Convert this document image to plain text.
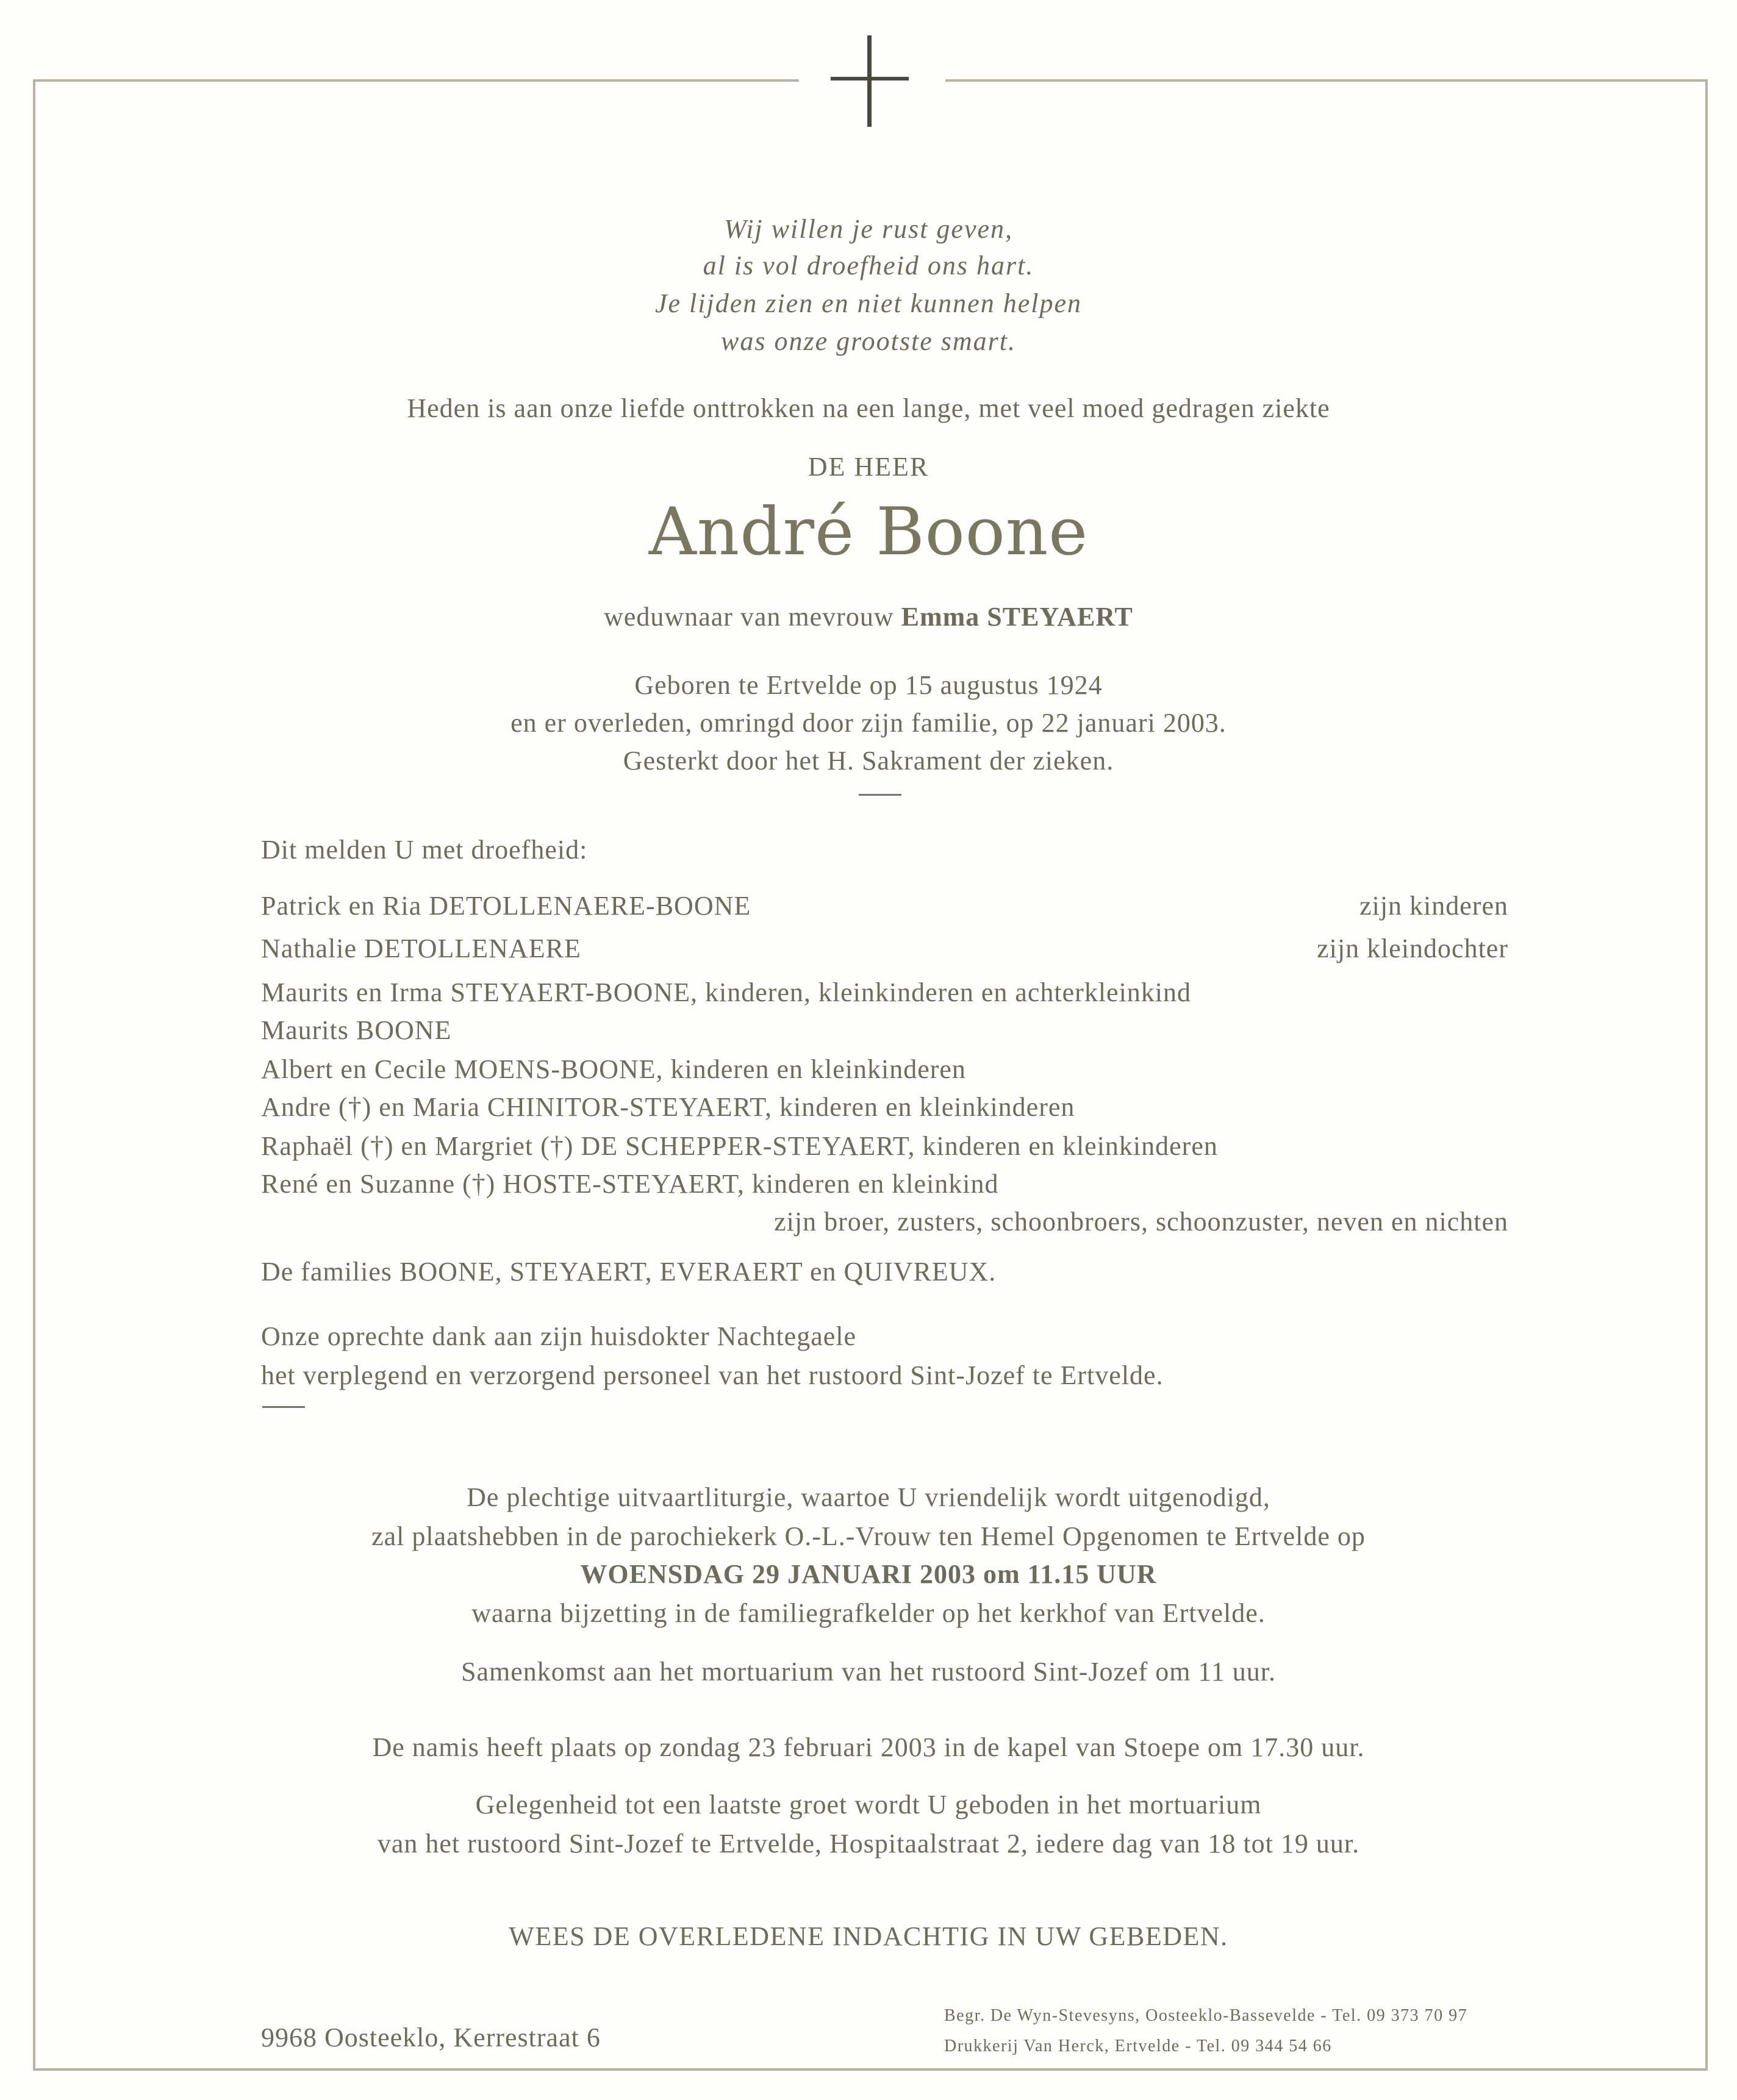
Wij willen je rust geven,
al is vol droefheid ons hart.
Je lijden zien en niet kunnen helpen
was onze grootste smart.
Heden is aan onze liefde onttrokken na een lange, met veel moed gedragen ziekte
DE HEER
André Boone
weduwnaar van mevrouw Emma STEYAERT
Geboren te Ertvelde op 15 augustus 1924
en er overleden, omringd door zijn familie, op 22 januari 2003.
Gesterkt door het H. Sakrament der zieken.
Dit melden U met droefheid:
Patrick en Ria DETOLLENAERE-BOONE	zijn kinderen
Nathalie DETOLLENAERE	zijn kleindochter
Maurits en Irma STEYAERT-BOONE, kinderen, kleinkinderen en achterkleinkind
Maurits BOONE
Albert en Cecile MOENS-BOONE, kinderen en kleinkinderen
Andre (†) en Maria CHINITOR-STEYAERT, kinderen en kleinkinderen
Raphaël (†) en Margriet (†) DE SCHEPPER-STEYAERT, kinderen en kleinkinderen
René en Suzanne (†) HOSTE-STEYAERT, kinderen en kleinkind
zijn broer, zusters, schoonbroers, schoonzuster, neven en nichten
De families BOONE, STEYAERT, EVERAERT en QUIVREUX.
Onze oprechte dank aan zijn huisdokter Nachtegaele
het verplegend en verzorgend personeel van het rustoord Sint-Jozef te Ertvelde.
De plechtige uitvaartliturgie, waartoe U vriendelijk wordt uitgenodigd,
zal plaatshebben in de parochiekerk O.-L.-Vrouw ten Hemel Opgenomen te Ertvelde op
WOENSDAG 29 JANUARI 2003 om 11.15 UUR
waarna bijzetting in de familiegrafkelder op het kerkhof van Ertvelde.
Samenkomst aan het mortuarium van het rustoord Sint-Jozef om 11 uur.
De namis heeft plaats op zondag 23 februari 2003 in de kapel van Stoepe om 17.30 uur.
Gelegenheid tot een laatste groet wordt U geboden in het mortuarium
van het rustoord Sint-Jozef te Ertvelde, Hospitaalstraat 2, iedere dag van 18 tot 19 uur.
WEES DE OVERLEDENE INDACHTIG IN UW GEBEDEN.
9968 Oosteeklo, Kerrestraat 6
Begr. De Wyn-Stevesyns, Oosteeklo-Bassevelde - Tel. 09 373 70 97
Drukkerij Van Herck, Ertvelde - Tel. 09 344 54 66
